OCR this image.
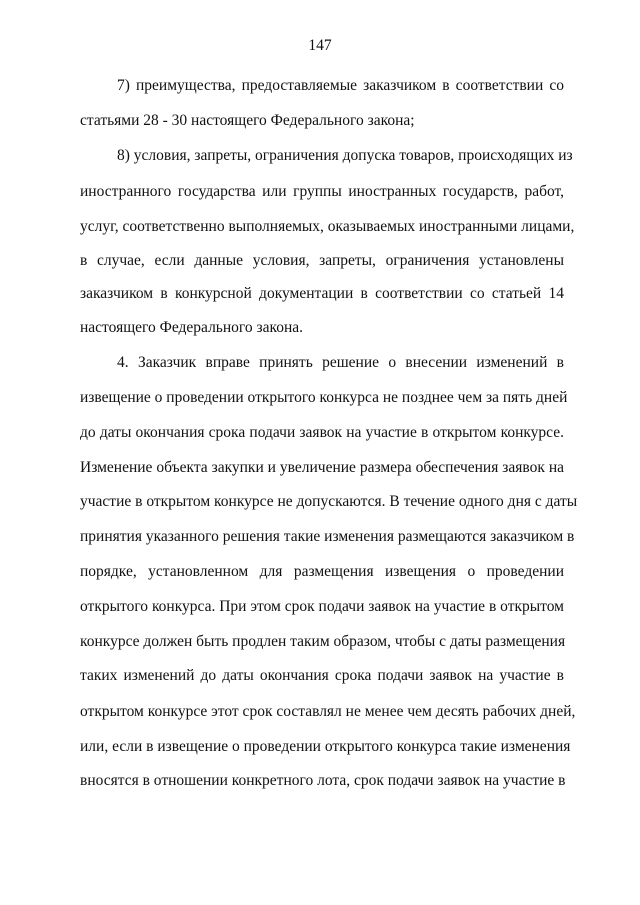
147
7) преимущества, предоставляемые заказчиком в соответствии со
статьями 28 - 30 настоящего Федерального закона;
8) условия, запреты, ограничения допуска товаров, происходящих из
иностранного государства или группы иностранных государств, работ,
услуг, соответственно выполняемых, оказываемых иностранными лицами,
в случае, если данные условия, запреты, ограничения установлены
заказчиком в конкурсной документации в соответствии со статьей 14
настоящего Федерального закона.
4. Заказчик вправе принять решение о внесении изменений в
извещение о проведении открытого конкурса не позднее чем за пять дней
до даты окончания срока подачи заявок на участие в открытом конкурсе.
Изменение объекта закупки и увеличение размера обеспечения заявок на
участие в открытом конкурсе не допускаются. В течение одного дня с даты
принятия указанного решения такие изменения размещаются заказчиком в
порядке, установленном для размещения извещения о проведении
открытого конкурса. При этом срок подачи заявок на участие в открытом
конкурсе должен быть продлен таким образом, чтобы с даты размещения
таких изменений до даты окончания срока подачи заявок на участие в
открытом конкурсе этот срок составлял не менее чем десять рабочих дней,
или, если в извещение о проведении открытого конкурса такие изменения
вносятся в отношении конкретного лота, срок подачи заявок на участие в
